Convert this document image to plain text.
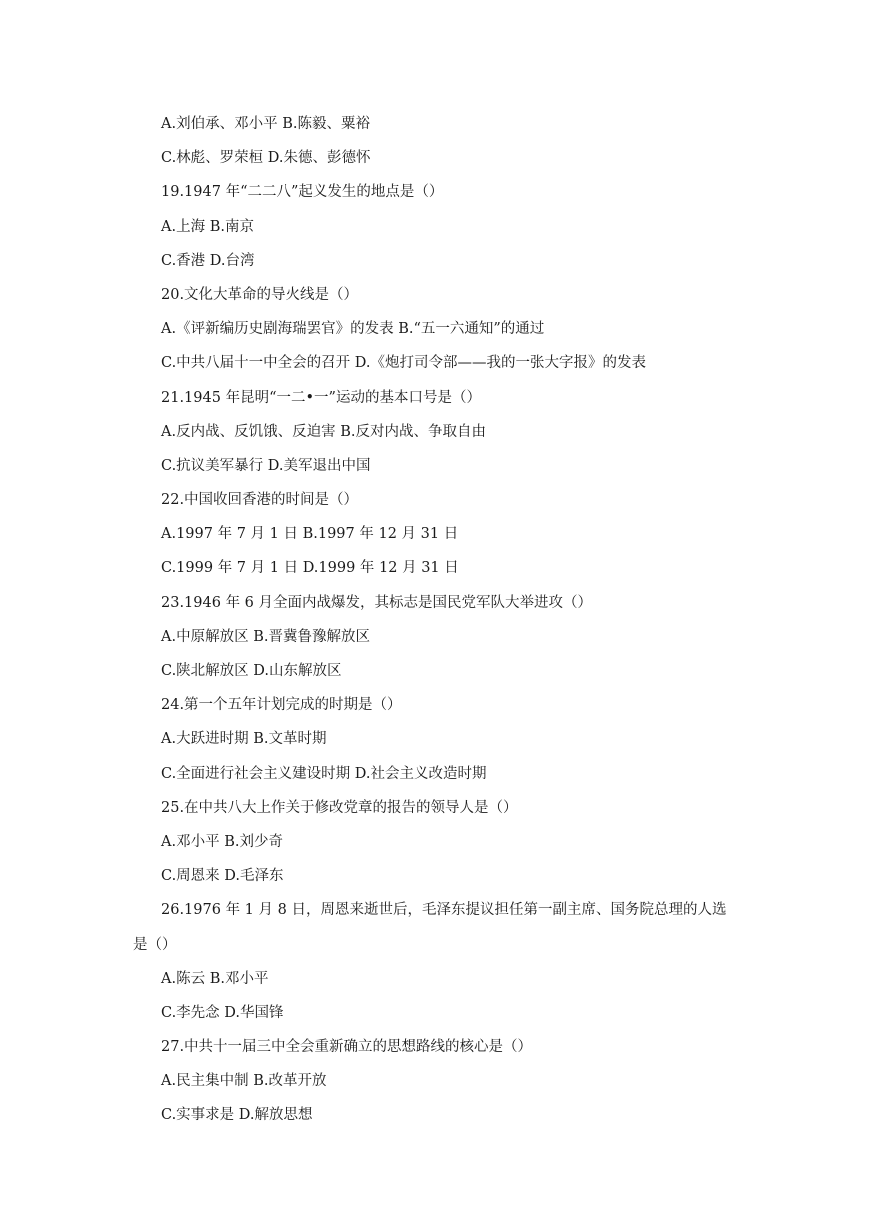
A.刘伯承、邓小平 B.陈毅、粟裕
C.林彪、罗荣桓 D.朱德、彭德怀
19.1947 年“二二八”起义发生的地点是（）
A.上海 B.南京
C.香港 D.台湾
20.文化大革命的导火线是（）
A.《评新编历史剧海瑞罢官》的发表 B.“五一六通知”的通过
C.中共八届十一中全会的召开 D.《炮打司令部——我的一张大字报》的发表
21.1945 年昆明“一二•一”运动的基本口号是（）
A.反内战、反饥饿、反迫害 B.反对内战、争取自由
C.抗议美军暴行 D.美军退出中国
22.中国收回香港的时间是（）
A.1997 年 7 月 1 日 B.1997 年 12 月 31 日
C.1999 年 7 月 1 日 D.1999 年 12 月 31 日
23.1946 年 6 月全面内战爆发，其标志是国民党军队大举进攻（）
A.中原解放区 B.晋冀鲁豫解放区
C.陕北解放区 D.山东解放区
24.第一个五年计划完成的时期是（）
A.大跃进时期 B.文革时期
C.全面进行社会主义建设时期 D.社会主义改造时期
25.在中共八大上作关于修改党章的报告的领导人是（）
A.邓小平 B.刘少奇
C.周恩来 D.毛泽东
26.1976 年 1 月 8 日，周恩来逝世后，毛泽东提议担任第一副主席、国务院总理的人选
是（）
A.陈云 B.邓小平
C.李先念 D.华国锋
27.中共十一届三中全会重新确立的思想路线的核心是（）
A.民主集中制 B.改革开放
C.实事求是 D.解放思想
